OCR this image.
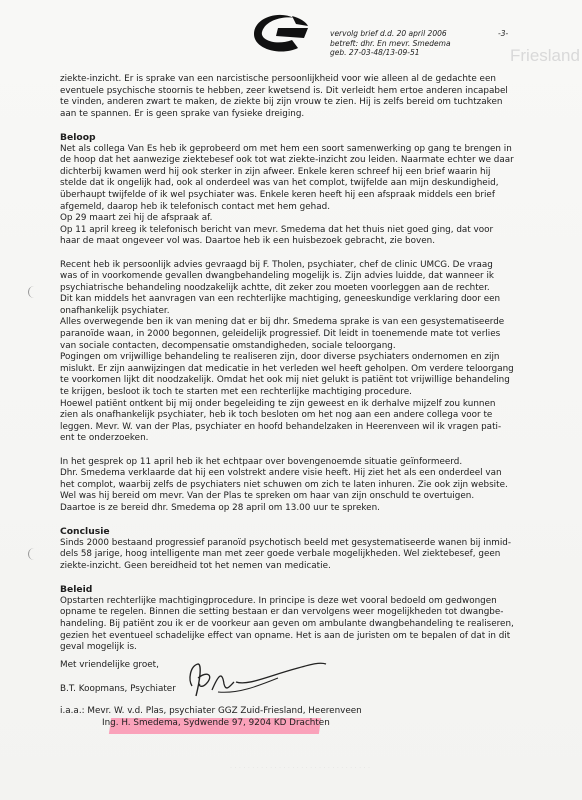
vervolg brief d.d. 20 april 2006
betreft: dhr. En mevr. Smedema
geb. 27-03-48/13-09-51
-3-
Friesland
· · · · · · · · · · · · · · · · · · · · · · · · · · · · · · · ·

ziekte-inzicht. Er is sprake van een narcistische persoonlijkheid voor wie alleen al de gedachte een

eventuele psychische stoornis te hebben, zeer kwetsend is. Dit verleidt hem ertoe anderen incapabel

te vinden, anderen zwart te maken, de ziekte bij zijn vrouw te zien. Hij is zelfs bereid om tuchtzaken

aan te spannen. Er is geen sprake van fysieke dreiging.

Beloop

Net als collega Van Es heb ik geprobeerd om met hem een soort samenwerking op gang te brengen in

de hoop dat het aanwezige ziektebesef ook tot wat ziekte-inzicht zou leiden. Naarmate echter we daar

dichterbij kwamen werd hij ook sterker in zijn afweer. Enkele keren schreef hij een brief waarin hij

stelde dat ik ongelijk had, ook al onderdeel was van het complot, twijfelde aan mijn deskundigheid,

überhaupt twijfelde of ik wel psychiater was. Enkele keren heeft hij een afspraak middels een brief

afgemeld, daarop heb ik telefonisch contact met hem gehad.

Op 29 maart zei hij de afspraak af.

Op 11 april kreeg ik telefonisch bericht van mevr. Smedema dat het thuis niet goed ging, dat voor

haar de maat ongeveer vol was. Daartoe heb ik een huisbezoek gebracht, zie boven.

Recent heb ik persoonlijk advies gevraagd bij F. Tholen, psychiater, chef de clinic UMCG. De vraag

was of in voorkomende gevallen dwangbehandeling mogelijk is. Zijn advies luidde, dat wanneer ik

psychiatrische behandeling noodzakelijk achtte, dit zeker zou moeten voorleggen aan de rechter.

Dit kan middels het aanvragen van een rechterlijke machtiging, geneeskundige verklaring door een

onafhankelijk psychiater.

Alles overwegende ben ik van mening dat er bij dhr. Smedema sprake is van een gesystematiseerde

paranoïde waan, in 2000 begonnen, geleidelijk progressief. Dit leidt in toenemende mate tot verlies

van sociale contacten, decompensatie omstandigheden, sociale teloorgang.

Pogingen om vrijwillige behandeling te realiseren zijn, door diverse psychiaters ondernomen en zijn

mislukt. Er zijn aanwijzingen dat medicatie in het verleden wel heeft geholpen. Om verdere teloorgang

te voorkomen lijkt dit noodzakelijk. Omdat het ook mij niet gelukt is patiënt tot vrijwillige behandeling

te krijgen, besloot ik toch te starten met een rechterlijke machtiging procedure.

Hoewel patiënt ontkent bij mij onder begeleiding te zijn geweest en ik derhalve mijzelf zou kunnen

zien als onafhankelijk psychiater, heb ik toch besloten om het nog aan een andere collega voor te

leggen. Mevr. W. van der Plas, psychiater en hoofd behandelzaken in Heerenveen wil ik vragen pati-

ent te onderzoeken.

In het gesprek op 11 april heb ik het echtpaar over bovengenoemde situatie geïnformeerd.

Dhr. Smedema verklaarde dat hij een volstrekt andere visie heeft. Hij ziet het als een onderdeel van

het complot, waarbij zelfs de psychiaters niet schuwen om zich te laten inhuren. Zie ook zijn website.

Wel was hij bereid om mevr. Van der Plas te spreken om haar van zijn onschuld te overtuigen.

Daartoe is ze bereid dhr. Smedema op 28 april om 13.00 uur te spreken.

Conclusie

Sinds 2000 bestaand progressief paranoïd psychotisch beeld met gesystematiseerde wanen bij inmid-

dels 58 jarige, hoog intelligente man met zeer goede verbale mogelijkheden. Wel ziektebesef, geen

ziekte-inzicht. Geen bereidheid tot het nemen van medicatie.

Beleid

Opstarten rechterlijke machtigingprocedure. In principe is deze wet vooral bedoeld om gedwongen

opname te regelen. Binnen die setting bestaan er dan vervolgens weer mogelijkheden tot dwangbe-

handeling. Bij patiënt zou ik er de voorkeur aan geven om ambulante dwangbehandeling te realiseren,

gezien het eventueel schadelijke effect van opname. Het is aan de juristen om te bepalen of dat in dit

geval mogelijk is.

Met vriendelijke groet,
B.T. Koopmans, Psychiater
i.a.a.: Mevr. W. v.d. Plas, psychiater GGZ Zuid-Friesland, Heerenveen
Ing. H. Smedema, Sydwende 97, 9204 KD Drachten
